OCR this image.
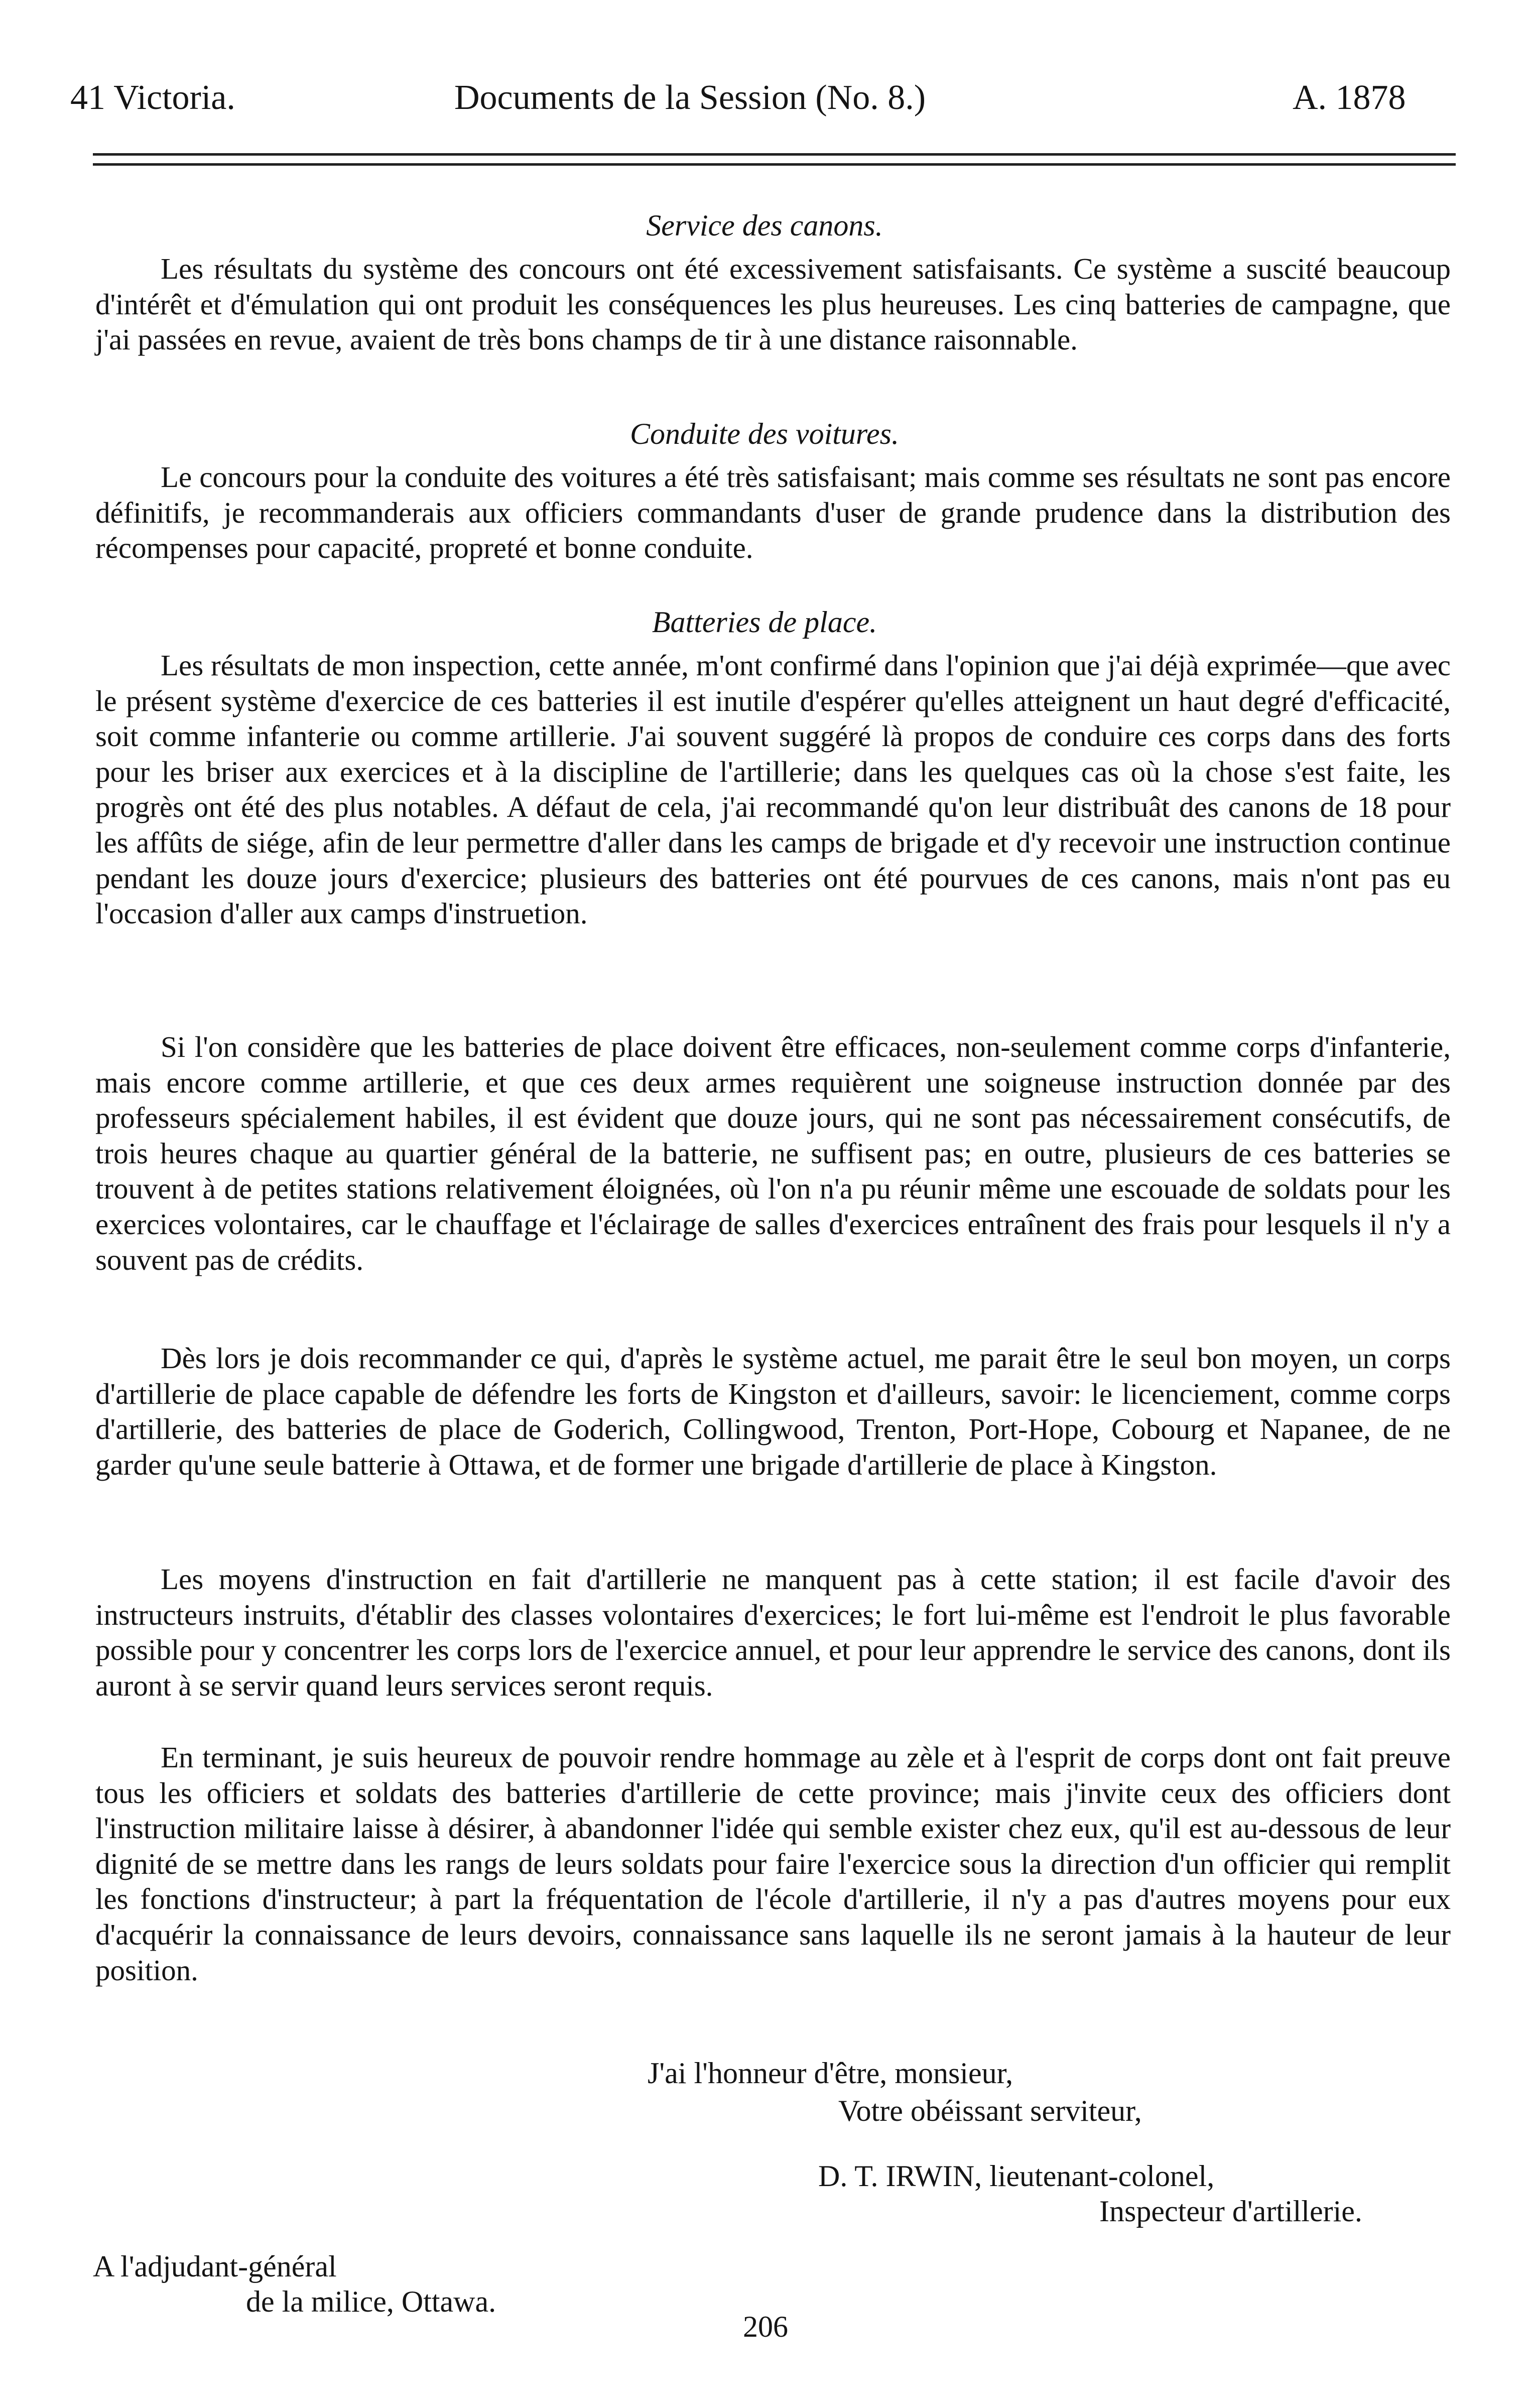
41 Victoria.	Documents de la Session (No. 8.)	A. 1878
Service des canons.

Les résultats du système des concours ont été excessivement satisfaisants. Ce système a suscité beaucoup d'intérêt et d'émulation qui ont produit les conséquences les plus heureuses. Les cinq batteries de campagne, que j'ai passées en revue, avaient de très bons champs de tir à une distance raisonnable.

Conduite des voitures.

Le concours pour la conduite des voitures a été très satisfaisant; mais comme ses résultats ne sont pas encore définitifs, je recommanderais aux officiers commandants d'user de grande prudence dans la distribution des récompenses pour capacité, propreté et bonne conduite.

Batteries de place.

Les résultats de mon inspection, cette année, m'ont confirmé dans l'opinion que j'ai déjà exprimée—que avec le présent système d'exercice de ces batteries il est inutile d'espérer qu'elles atteignent un haut degré d'efficacité, soit comme infanterie ou comme artillerie. J'ai souvent suggéré là propos de conduire ces corps dans des forts pour les briser aux exercices et à la discipline de l'artillerie; dans les quelques cas où la chose s'est faite, les progrès ont été des plus notables. A défaut de cela, j'ai recommandé qu'on leur distribuât des canons de 18 pour les affûts de siége, afin de leur permettre d'aller dans les camps de brigade et d'y recevoir une instruction continue pendant les douze jours d'exercice; plusieurs des batteries ont été pourvues de ces canons, mais n'ont pas eu l'occasion d'aller aux camps d'instruetion.

Si l'on considère que les batteries de place doivent être efficaces, non-seulement comme corps d'infanterie, mais encore comme artillerie, et que ces deux armes requièrent une soigneuse instruction donnée par des professeurs spécialement habiles, il est évident que douze jours, qui ne sont pas nécessairement consécutifs, de trois heures chaque au quartier général de la batterie, ne suffisent pas; en outre, plusieurs de ces batteries se trouvent à de petites stations relativement éloignées, où l'on n'a pu réunir même une escouade de soldats pour les exercices volontaires, car le chauffage et l'éclairage de salles d'exercices entraînent des frais pour lesquels il n'y a souvent pas de crédits.

Dès lors je dois recommander ce qui, d'après le système actuel, me parait être le seul bon moyen, un corps d'artillerie de place capable de défendre les forts de Kingston et d'ailleurs, savoir: le licenciement, comme corps d'artillerie, des batteries de place de Goderich, Collingwood, Trenton, Port-Hope, Cobourg et Napanee, de ne garder qu'une seule batterie à Ottawa, et de former une brigade d'artillerie de place à Kingston.

Les moyens d'instruction en fait d'artillerie ne manquent pas à cette station; il est facile d'avoir des instructeurs instruits, d'établir des classes volontaires d'exercices; le fort lui-même est l'endroit le plus favorable possible pour y concentrer les corps lors de l'exercice annuel, et pour leur apprendre le service des canons, dont ils auront à se servir quand leurs services seront requis.

En terminant, je suis heureux de pouvoir rendre hommage au zèle et à l'esprit de corps dont ont fait preuve tous les officiers et soldats des batteries d'artillerie de cette province; mais j'invite ceux des officiers dont l'instruction militaire laisse à désirer, à abandonner l'idée qui semble exister chez eux, qu'il est au-dessous de leur dignité de se mettre dans les rangs de leurs soldats pour faire l'exercice sous la direction d'un officier qui remplit les fonctions d'instructeur; à part la fréquentation de l'école d'artillerie, il n'y a pas d'autres moyens pour eux d'acquérir la connaissance de leurs devoirs, connaissance sans laquelle ils ne seront jamais à la hauteur de leur position.

J'ai l'honneur d'être, monsieur,
Votre obéissant serviteur,
D. T. IRWIN, lieutenant-colonel,
Inspecteur d'artillerie.
A l'adjudant-général
de la milice, Ottawa.
206
